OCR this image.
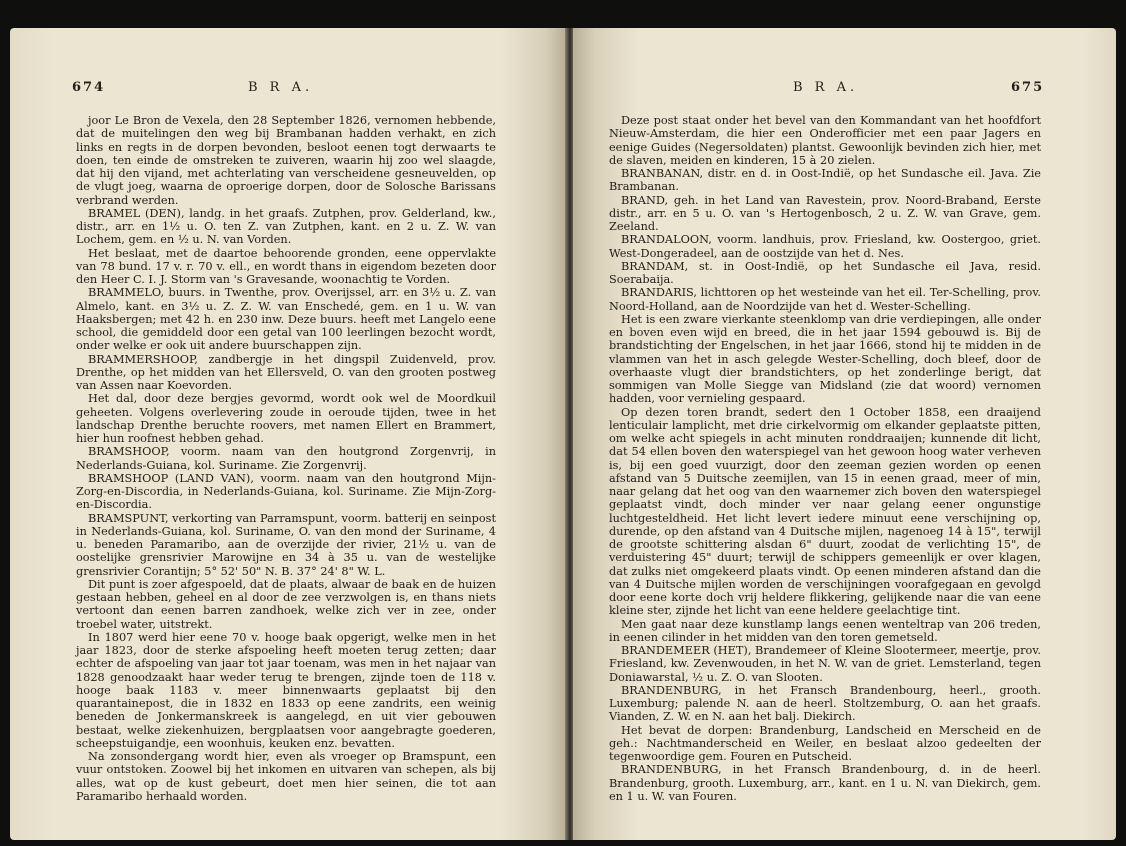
674	B R A.

joor Le Bron de Vexela, den 28 September 1826, vernomen hebbende, dat de muitelingen den weg bij Brambanan hadden verhakt, en zich links en regts in de dorpen bevonden, besloot eenen togt derwaarts te doen, ten einde de omstreken te zuiveren, waarin hij zoo wel slaagde, dat hij den vijand, met achterlating van verscheidene gesneuvelden, op de vlugt joeg, waarna de oproerige dorpen, door de Solosche Barissans verbrand werden.

BRAMEL (DEN), landg. in het graafs. Zutphen, prov. Gelderland, kw., distr., arr. en 1½ u. O. ten Z. van Zutphen, kant. en 2 u. Z. W. van Lochem, gem. en ½ u. N. van Vorden.

Het beslaat, met de daartoe behoorende gronden, eene oppervlakte van 78 bund. 17 v. r. 70 v. ell., en wordt thans in eigendom bezeten door den Heer C. I. J. Storm van 's Gravesande, woonachtig te Vorden.

BRAMMELO, buurs. in Twenthe, prov. Overijssel, arr. en 3½ u. Z. van Almelo, kant. en 3½ u. Z. Z. W. van Enschedé, gem. en 1 u. W. van Haaksbergen; met 42 h. en 230 inw. Deze buurs. heeft met Langelo eene school, die gemiddeld door een getal van 100 leerlingen bezocht wordt, onder welke er ook uit andere buurschappen zijn.

BRAMMERSHOOP, zandbergje in het dingspil Zuidenveld, prov. Drenthe, op het midden van het Ellersveld, O. van den grooten postweg van Assen naar Koevorden.

Het dal, door deze bergjes gevormd, wordt ook wel de Moordkuil geheeten. Volgens overlevering zoude in oeroude tijden, twee in het landschap Drenthe beruchte roovers, met namen Ellert en Brammert, hier hun roofnest hebben gehad.

BRAMSHOOP, voorm. naam van den houtgrond Zorgenvrij, in Nederlands-Guiana, kol. Suriname. Zie Zorgenvrij.

BRAMSHOOP (LAND VAN), voorm. naam van den houtgrond Mijn-Zorg-en-Discordia, in Nederlands-Guiana, kol. Suriname. Zie Mijn-Zorg-en-Discordia.

BRAMSPUNT, verkorting van Parramspunt, voorm. batterij en seinpost in Nederlands-Guiana, kol. Suriname, O. van den mond der Suriname, 4 u. beneden Paramaribo, aan de overzijde der rivier, 21½ u. van de oostelijke grensrivier Marowijne en 34 à 35 u. van de westelijke grensrivier Corantijn; 5° 52' 50" N. B. 37° 24' 8" W. L.

Dit punt is zoer afgespoeld, dat de plaats, alwaar de baak en de huizen gestaan hebben, geheel en al door de zee verzwolgen is, en thans niets vertoont dan eenen barren zandhoek, welke zich ver in zee, onder troebel water, uitstrekt.

In 1807 werd hier eene 70 v. hooge baak opgerigt, welke men in het jaar 1823, door de sterke afspoeling heeft moeten terug zetten; daar echter de afspoeling van jaar tot jaar toenam, was men in het najaar van 1828 genoodzaakt haar weder terug te brengen, zijnde toen de 118 v. hooge baak 1183 v. meer binnenwaarts geplaatst bij den quarantainepost, die in 1832 en 1833 op eene zandrits, een weinig beneden de Jonkermanskreek is aangelegd, en uit vier gebouwen bestaat, welke ziekenhuizen, bergplaatsen voor aangebragte goederen, scheepstuigandje, een woonhuis, keuken enz. bevatten.

Na zonsondergang wordt hier, even als vroeger op Bramspunt, een vuur ontstoken. Zoowel bij het inkomen en uitvaren van schepen, als bij alles, wat op de kust gebeurt, doet men hier seinen, die tot aan Paramaribo herhaald worden.

B R A.	675

Deze post staat onder het bevel van den Kommandant van het hoofdfort Nieuw-Amsterdam, die hier een Onderofficier met een paar Jagers en eenige Guides (Negersoldaten) plantst. Gewoonlijk bevinden zich hier, met de slaven, meiden en kinderen, 15 à 20 zielen.

BRANBANAN, distr. en d. in Oost-Indië, op het Sundasche eil. Java. Zie Brambanan.

BRAND, geh. in het Land van Ravestein, prov. Noord-Braband, Eerste distr., arr. en 5 u. O. van 's Hertogenbosch, 2 u. Z. W. van Grave, gem. Zeeland.

BRANDALOON, voorm. landhuis, prov. Friesland, kw. Oostergoo, griet. West-Dongeradeel, aan de oostzijde van het d. Nes.

BRANDAM, st. in Oost-Indië, op het Sundasche eil Java, resid. Soerabaija.

BRANDARIS, lichttoren op het westeinde van het eil. Ter-Schelling, prov. Noord-Holland, aan de Noordzijde van het d. Wester-Schelling.

Het is een zware vierkante steenklomp van drie verdiepingen, alle onder en boven even wijd en breed, die in het jaar 1594 gebouwd is. Bij de brandstichting der Engelschen, in het jaar 1666, stond hij te midden in de vlammen van het in asch gelegde Wester-Schelling, doch bleef, door de overhaaste vlugt dier brandstichters, op het zonderlinge berigt, dat sommigen van Molle Siegge van Midsland (zie dat woord) vernomen hadden, voor vernieling gespaard.

Op dezen toren brandt, sedert den 1 October 1858, een draaijend lenticulair lamplicht, met drie cirkelvormig om elkander geplaatste pitten, om welke acht spiegels in acht minuten ronddraaijen; kunnende dit licht, dat 54 ellen boven den waterspiegel van het gewoon hoog water verheven is, bij een goed vuurzigt, door den zeeman gezien worden op eenen afstand van 5 Duitsche zeemijlen, van 15 in eenen graad, meer of min, naar gelang dat het oog van den waarnemer zich boven den waterspiegel geplaatst vindt, doch minder ver naar gelang eener ongunstige luchtgesteldheid. Het licht levert iedere minuut eene verschijning op, durende, op den afstand van 4 Duitsche mijlen, nagenoeg 14 à 15", terwijl de grootste schittering alsdan 6" duurt, zoodat de verlichting 15", de verduistering 45" duurt; terwijl de schippers gemeenlijk er over klagen, dat zulks niet omgekeerd plaats vindt. Op eenen minderen afstand dan die van 4 Duitsche mijlen worden de verschijningen voorafgegaan en gevolgd door eene korte doch vrij heldere flikkering, gelijkende naar die van eene kleine ster, zijnde het licht van eene heldere geelachtige tint.

Men gaat naar deze kunstlamp langs eenen wenteltrap van 206 treden, in eenen cilinder in het midden van den toren gemetseld.

BRANDEMEER (HET), Brandemeer of Kleine Slootermeer, meertje, prov. Friesland, kw. Zevenwouden, in het N. W. van de griet. Lemsterland, tegen Doniawarstal, ½ u. Z. O. van Slooten.

BRANDENBURG, in het Fransch Brandenbourg, heerl., grooth. Luxemburg; palende N. aan de heerl. Stoltzemburg, O. aan het graafs. Vianden, Z. W. en N. aan het balj. Diekirch.

Het bevat de dorpen: Brandenburg, Landscheid en Merscheid en de geh.: Nachtmanderscheid en Weiler, en beslaat alzoo gedeelten der tegenwoordige gem. Fouren en Putscheid.

BRANDENBURG, in het Fransch Brandenbourg, d. in de heerl. Brandenburg, grooth. Luxemburg, arr., kant. en 1 u. N. van Diekirch, gem. en 1 u. W. van Fouren.
